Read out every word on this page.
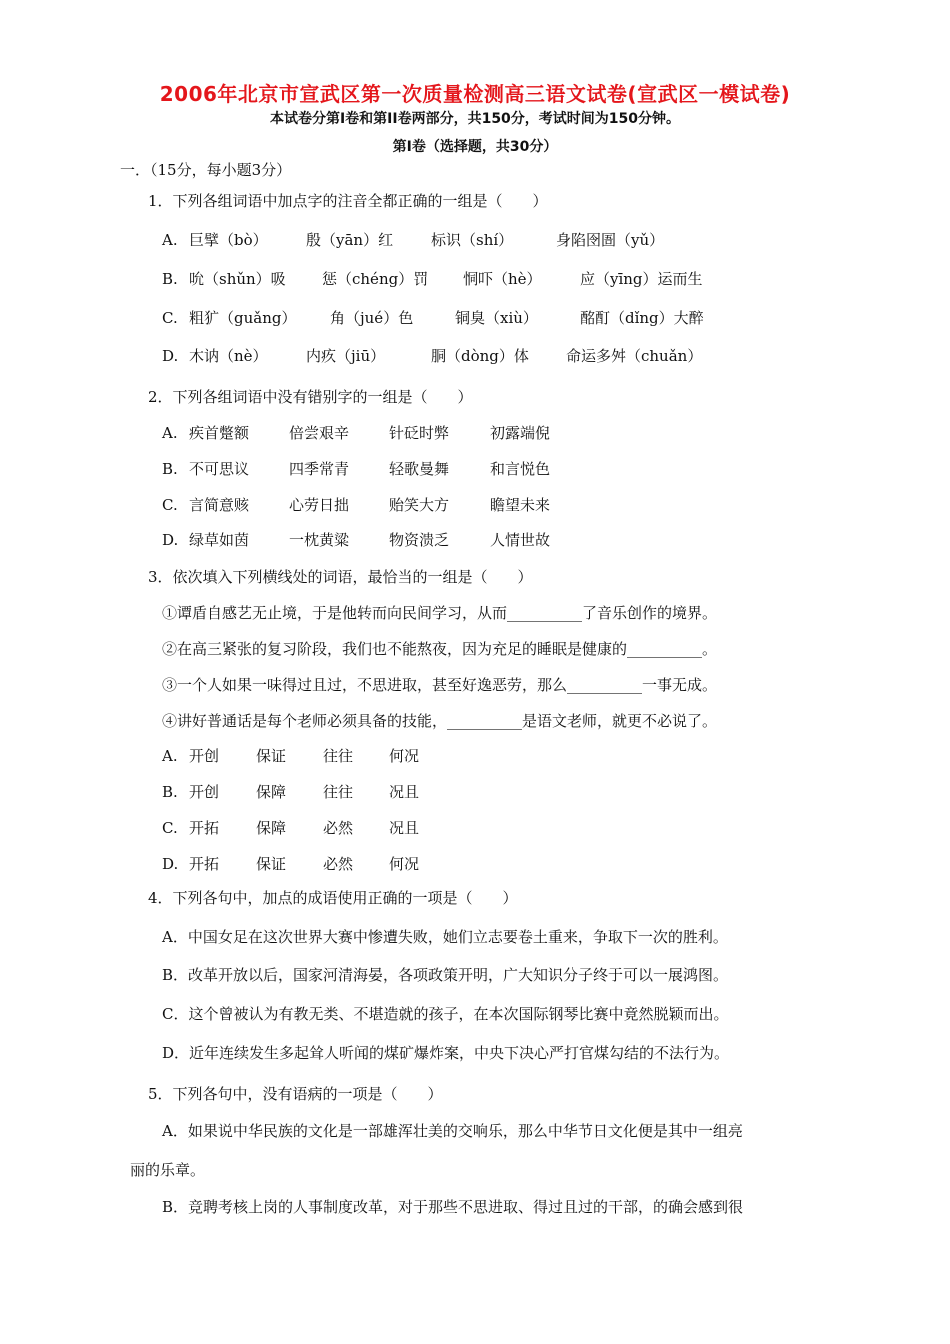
2006年北京市宣武区第一次质量检测高三语文试卷(宣武区一模试卷)
本试卷分第Ⅰ卷和第II卷两部分，共150分，考试时间为150分钟。
第Ⅰ卷（选择题，共30分）
一．（15分，每小题3分）
1．下列各组词语中加点字的注音全都正确的一组是（　　）
A. 巨擘（bò）	殷（yān）红	标识（shí）	身陷囹圄（yǔ）
B. 吮（shǔn）吸 惩（chéng）罚 恫吓（hè）	应（yīng）运而生
C. 粗犷（guǎng） 角（jué）色	铜臭（xiù）	酩酊（dǐng）大醉
D. 木讷（nè）	内疚（jiū）	胴（dòng）体 命运多舛（chuǎn）
2．下列各组词语中没有错别字的一组是（　　）
A. 疾首蹩额	倍尝艰辛	针砭时弊	初露端倪
B. 不可思议	四季常青	轻歌曼舞	和言悦色
C. 言简意赅	心劳日拙	贻笑大方	瞻望未来
D. 绿草如茵	一枕黄粱	物资溃乏	人情世故
3．依次填入下列横线处的词语，最恰当的一组是（　　）
①谭盾自感艺无止境，于是他转而向民间学习，从而__________了音乐创作的境界。
②在高三紧张的复习阶段，我们也不能熬夜，因为充足的睡眠是健康的__________。
③一个人如果一味得过且过，不思进取，甚至好逸恶劳，那么__________一事无成。
④讲好普通话是每个老师必须具备的技能，__________是语文老师，就更不必说了。
A. 开创 保证 往往 何况
B. 开创 保障 往往 况且
C. 开拓 保障 必然 况且
D. 开拓 保证 必然 何况
4．下列各句中，加点的成语使用正确的一项是（　　）
A．中国女足在这次世界大赛中惨遭失败，她们立志要卷土重来，争取下一次的胜利。
B．改革开放以后，国家河清海晏，各项政策开明，广大知识分子终于可以一展鸿图。
C．这个曾被认为有教无类、不堪造就的孩子，在本次国际钢琴比赛中竟然脱颖而出。
D．近年连续发生多起耸人听闻的煤矿爆炸案，中央下决心严打官煤勾结的不法行为。
5．下列各句中，没有语病的一项是（　　）
A．如果说中华民族的文化是一部雄浑壮美的交响乐，那么中华节日文化便是其中一组亮
丽的乐章。
B．竞聘考核上岗的人事制度改革，对于那些不思进取、得过且过的干部，的确会感到很
